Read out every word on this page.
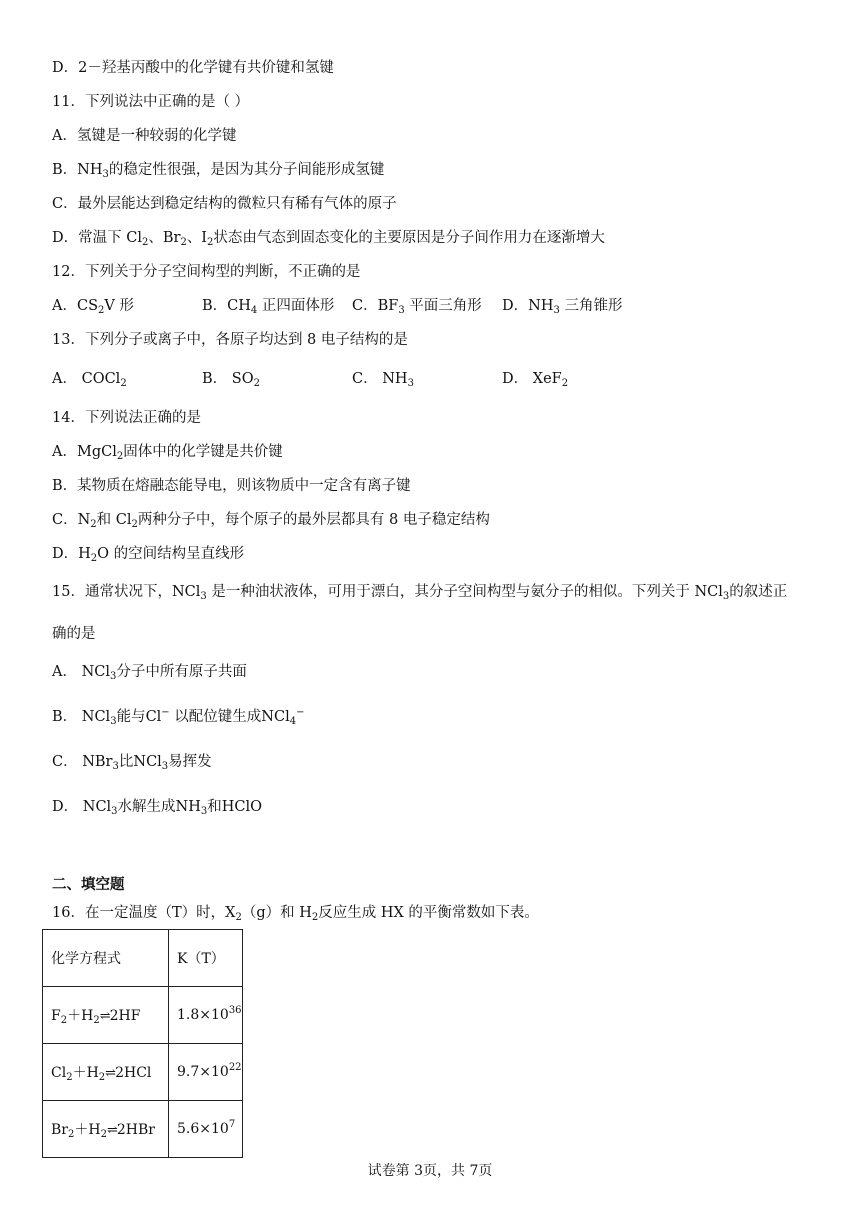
D．2－羟基丙酸中的化学键有共价键和氢键
11．下列说法中正确的是（ ）
A．氢键是一种较弱的化学键
B．$NH_3$的稳定性很强，是因为其分子间能形成氢键
C．最外层能达到稳定结构的微粒只有稀有气体的原子
D．常温下 $Cl_2$、$Br_2$、$I_2$状态由气态到固态变化的主要原因是分子间作用力在逐渐增大
12．下列关于分子空间构型的判断，不正确的是
A．$CS_2V$ 形	B．$CH_4$ 正四面体形 C．$BF_3$ 平面三角形 D．$NH_3$ 三角锥形
13．下列分子或离子中，各原子均达到 8 电子结构的是
A． COCl$_2$	B． $SO_2$	C． $NH_3$	D． XeF$_2$
14．下列说法正确的是
A．MgCl$_2$固体中的化学键是共价键
B．某物质在熔融态能导电，则该物质中一定含有离子键
C．$N_2$和 $Cl_2$两种分子中，每个原子的最外层都具有 8 电子稳定结构
D．$H_2O$ 的空间结构呈直线形
15．通常状况下，NCl$_3$ 是一种油状液体，可用于漂白，其分子空间构型与氨分子的相似。下列关于 NCl$_3$的叙述正
确的是
A． NCl$_3$分子中所有原子共面
B． NCl$_3$能与Cl− 以配位键生成NCl$_4$−
C． NBr$_3$比NCl$_3$易挥发
D． NCl$_3$水解生成$NH_3$和HClO
二、填空题
16．在一定温度（T）时，$X_2(g)$和 $H_2$反应生成 HX 的平衡常数如下表。
化学方程式	K（T）
$F_2+H_2\rightleftharpoons 2HF$	$1.8\times 10^{36}$
$Cl_2+H_2\rightleftharpoons 2HCl$	$9.7\times 10^{22}$
$Br_2+H_2\rightleftharpoons 2HBr$	$5.6\times 10^7$
试卷第 3页，共 7页
